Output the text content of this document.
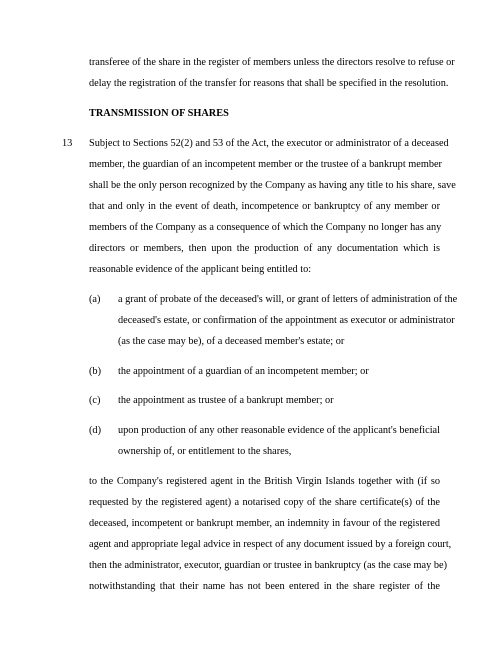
transferee of the share in the register of members unless the directors resolve to refuse or
delay the registration of the transfer for reasons that shall be specified in the resolution.
TRANSMISSION OF SHARES
13 Subject to Sections 52(2) and 53 of the Act, the executor or administrator of a deceased
member, the guardian of an incompetent member or the trustee of a bankrupt member
shall be the only person recognized by the Company as having any title to his share, save
that and only in the event of death, incompetence or bankruptcy of any member or
members of the Company as a consequence of which the Company no longer has any
directors or members, then upon the production of any documentation which is
reasonable evidence of the applicant being entitled to:
(a) a grant of probate of the deceased's will, or grant of letters of administration of the
deceased's estate, or confirmation of the appointment as executor or administrator
(as the case may be), of a deceased member's estate; or
(b) the appointment of a guardian of an incompetent member; or
(c) the appointment as trustee of a bankrupt member; or
(d) upon production of any other reasonable evidence of the applicant's beneficial
ownership of, or entitlement to the shares,
to the Company's registered agent in the British Virgin Islands together with (if so
requested by the registered agent) a notarised copy of the share certificate(s) of the
deceased, incompetent or bankrupt member, an indemnity in favour of the registered
agent and appropriate legal advice in respect of any document issued by a foreign court,
then the administrator, executor, guardian or trustee in bankruptcy (as the case may be)
notwithstanding that their name has not been entered in the share register of the
